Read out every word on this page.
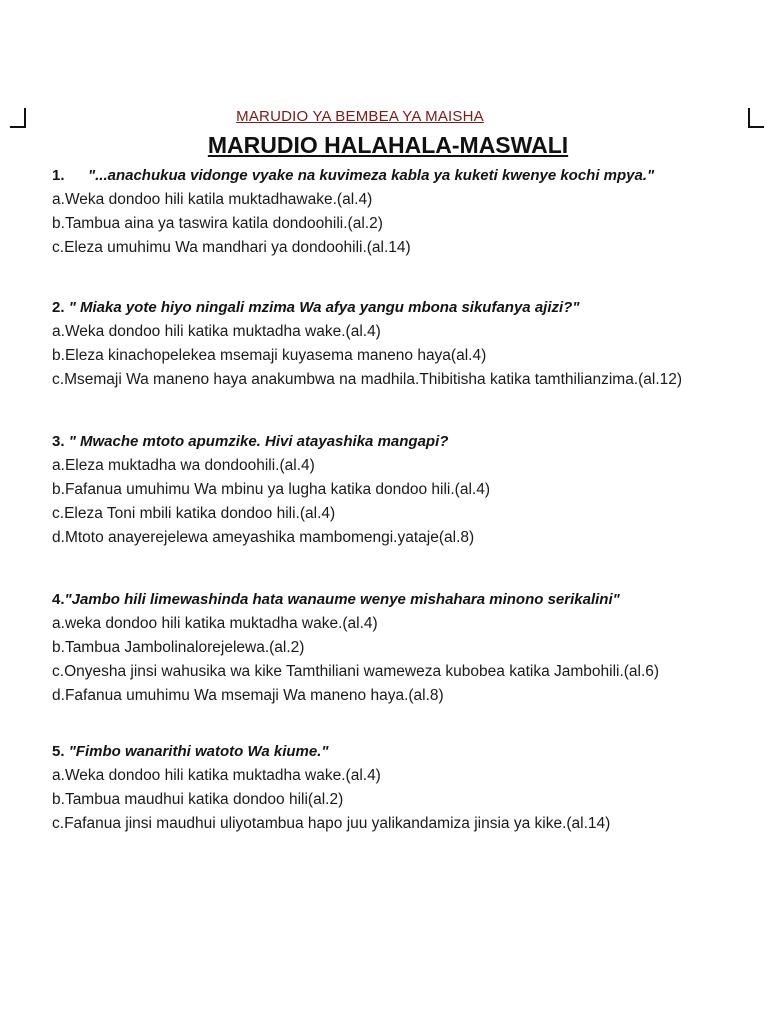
MARUDIO YA BEMBEA YA MAISHA
MARUDIO HALAHALA-MASWALI
1. "...anachukua vidonge vyake na kuvimeza kabla ya kuketi kwenye kochi mpya."
a. Weka dondoo hili katila muktadhawake.(al.4)
b. Tambua aina ya taswira katila dondoohili.(al.2)
c. Eleza umuhimu Wa mandhari ya dondoohili.(al.14)
2. " Miaka yote hiyo ningali mzima Wa afya yangu mbona sikufanya ajizi?"
a. Weka dondoo hili katika muktadha wake.(al.4)
b. Eleza kinachopelekea msemaji kuyasema maneno haya(al.4)
c. Msemaji Wa maneno haya anakumbwa na madhila.Thibitisha katika tamthilianzima.(al.12)
3. " Mwache mtoto apumzike. Hivi atayashika mangapi?
a. Eleza muktadha wa dondoohili.(al.4)
b. Fafanua umuhimu Wa mbinu ya lugha katika dondoo hili.(al.4)
c. Eleza Toni mbili katika dondoo hili.(al.4)
d. Mtoto anayerejelewa ameyashika mambomengi.yataje(al.8)
4."Jambo hili limewashinda hata wanaume wenye mishahara minono serikalini"
a. weka dondoo hili katika muktadha wake.(al.4)
b. Tambua Jambolinalorejelewa.(al.2)
c. Onyesha jinsi wahusika wa kike Tamthiliani wameweza kubobea katika Jambohili.(al.6)
d. Fafanua umuhimu Wa msemaji Wa maneno haya.(al.8)
5. "Fimbo wanarithi watoto Wa kiume."
a. Weka dondoo hili katika muktadha wake.(al.4)
b. Tambua maudhui katika dondoo hili(al.2)
c. Fafanua jinsi maudhui uliyotambua hapo juu yalikandamiza jinsia ya kike.(al.14)
